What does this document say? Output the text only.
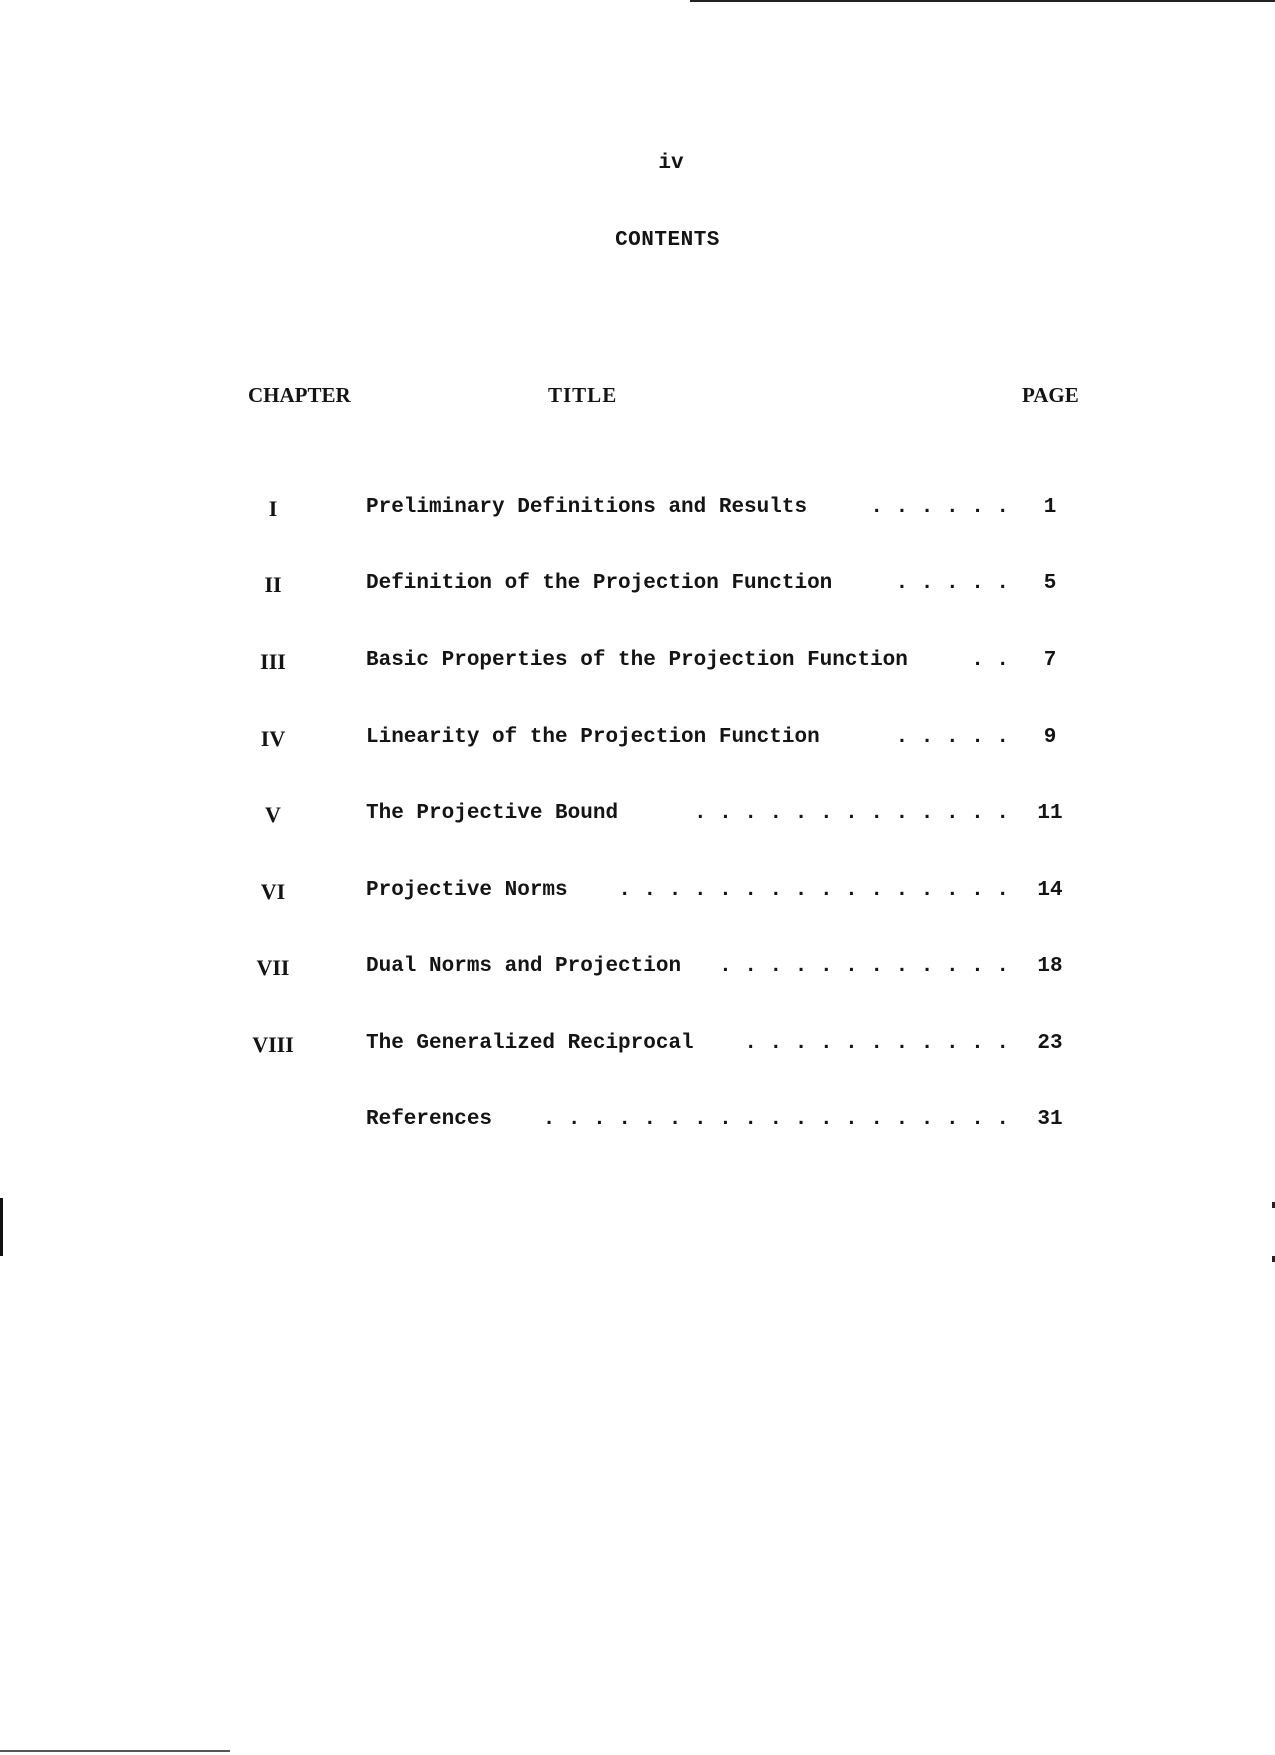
iv
CONTENTS
CHAPTER	TITLE	PAGE
I	Preliminary Definitions and Results	. . . . . .	1
II	Definition of the Projection Function	. . . . .	5
III	Basic Properties of the Projection Function	. .	7
IV	Linearity of the Projection Function	. . . . .	9
V	The Projective Bound	. . . . . . . . . . . . .	11
VI	Projective Norms . . . . . . . . . . . . . . . .	14
VII	Dual Norms and Projection . . . . . . . . . . . .	18
VIII	The Generalized Reciprocal . . . . . . . . . . .	23
References . . . . . . . . . . . . . . . . . . .	31
